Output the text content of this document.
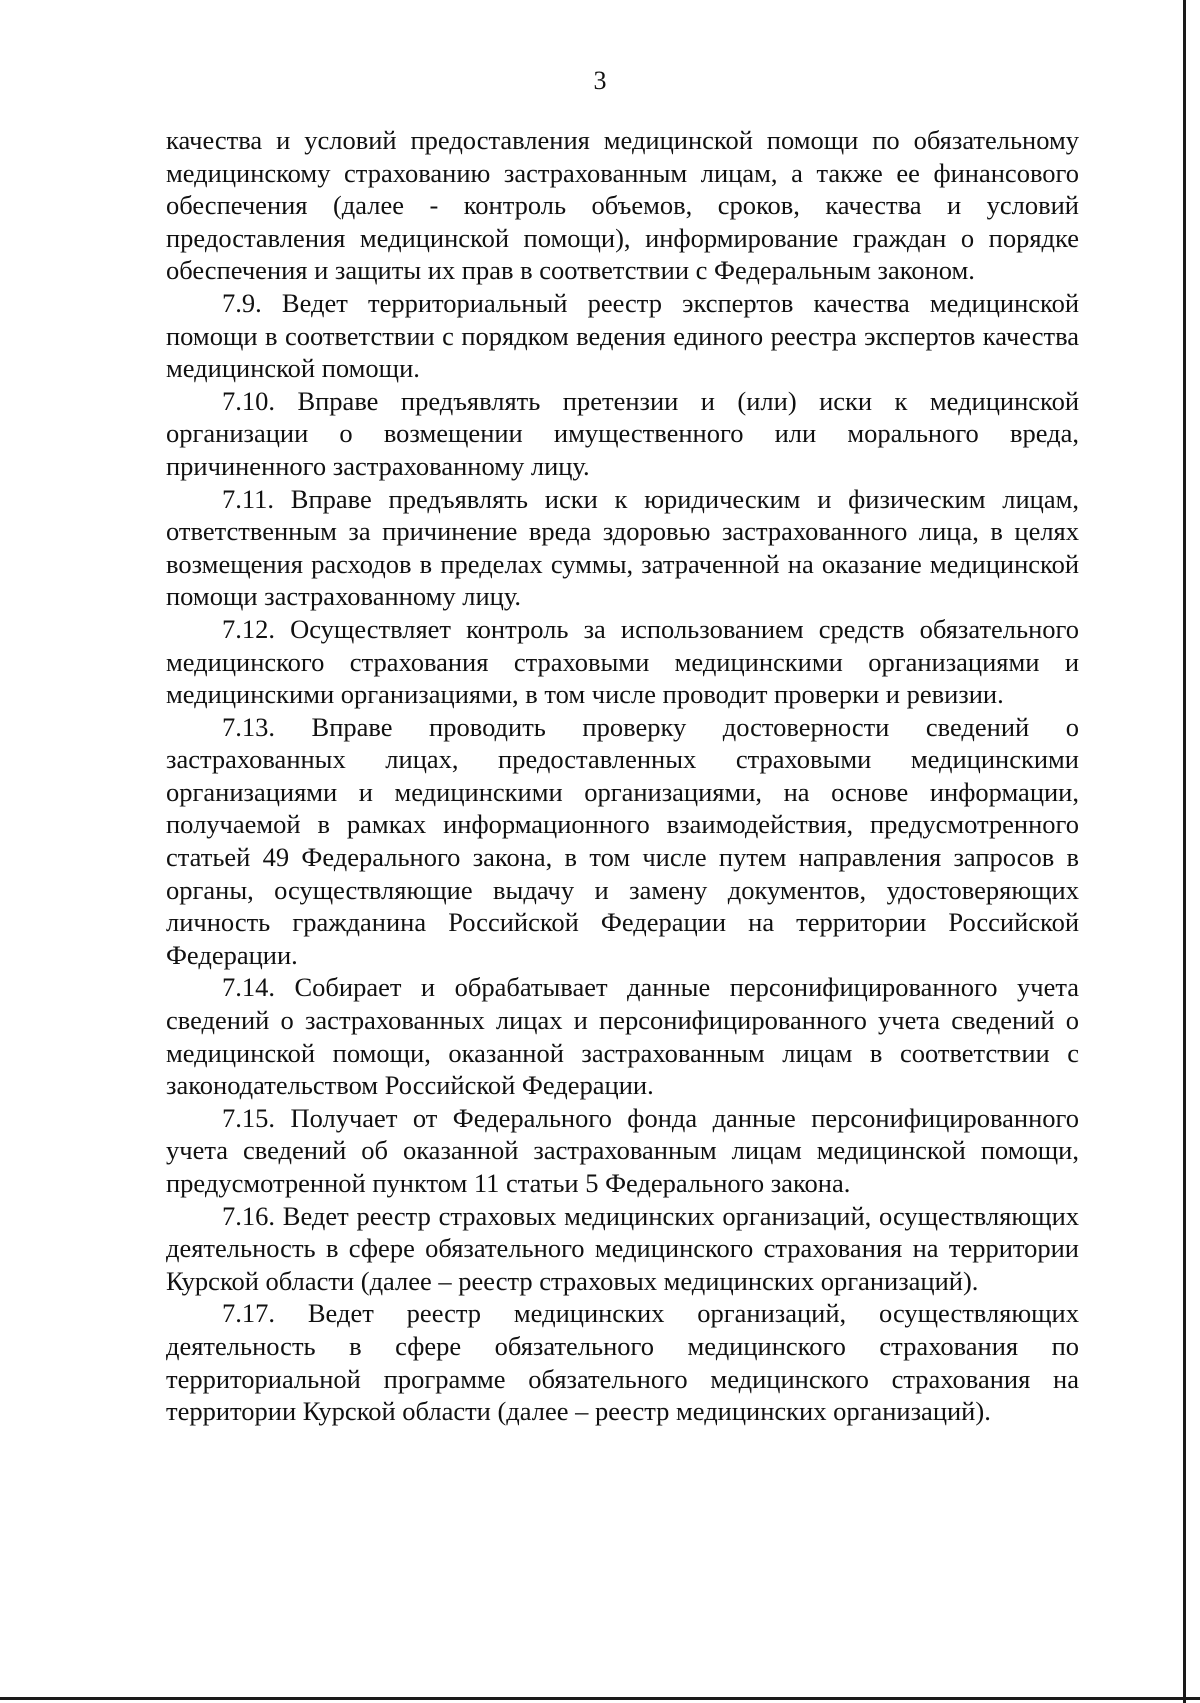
3

качества и условий предоставления медицинской помощи по обязательному медицинскому страхованию застрахованным лицам, а также ее финансового обеспечения (далее - контроль объемов, сроков, качества и условий предоставления медицинской помощи), информирование граждан о порядке обеспечения и защиты их прав в соответствии с Федеральным законом.

7.9. Ведет территориальный реестр экспертов качества медицинской помощи в соответствии с порядком ведения единого реестра экспертов качества медицинской помощи.

7.10. Вправе предъявлять претензии и (или) иски к медицинской организации о возмещении имущественного или морального вреда, причиненного застрахованному лицу.

7.11. Вправе предъявлять иски к юридическим и физическим лицам, ответственным за причинение вреда здоровью застрахованного лица, в целях возмещения расходов в пределах суммы, затраченной на оказание медицинской помощи застрахованному лицу.

7.12. Осуществляет контроль за использованием средств обязательного медицинского страхования страховыми медицинскими организациями и медицинскими организациями, в том числе проводит проверки и ревизии.

7.13. Вправе проводить проверку достоверности сведений о застрахованных лицах, предоставленных страховыми медицинскими организациями и медицинскими организациями, на основе информации, получаемой в рамках информационного взаимодействия, предусмотренного статьей 49 Федерального закона, в том числе путем направления запросов в органы, осуществляющие выдачу и замену документов, удостоверяющих личность гражданина Российской Федерации на территории Российской Федерации.

7.14. Собирает и обрабатывает данные персонифицированного учета сведений о застрахованных лицах и персонифицированного учета сведений о медицинской помощи, оказанной застрахованным лицам в соответствии с законодательством Российской Федерации.

7.15. Получает от Федерального фонда данные персонифицированного учета сведений об оказанной застрахованным лицам медицинской помощи, предусмотренной пунктом 11 статьи 5 Федерального закона.

7.16. Ведет реестр страховых медицинских организаций, осуществляющих деятельность в сфере обязательного медицинского страхования на территории Курской области (далее – реестр страховых медицинских организаций).

7.17. Ведет реестр медицинских организаций, осуществляющих деятельность в сфере обязательного медицинского страхования по территориальной программе обязательного медицинского страхования на территории Курской области (далее – реестр медицинских организаций).
